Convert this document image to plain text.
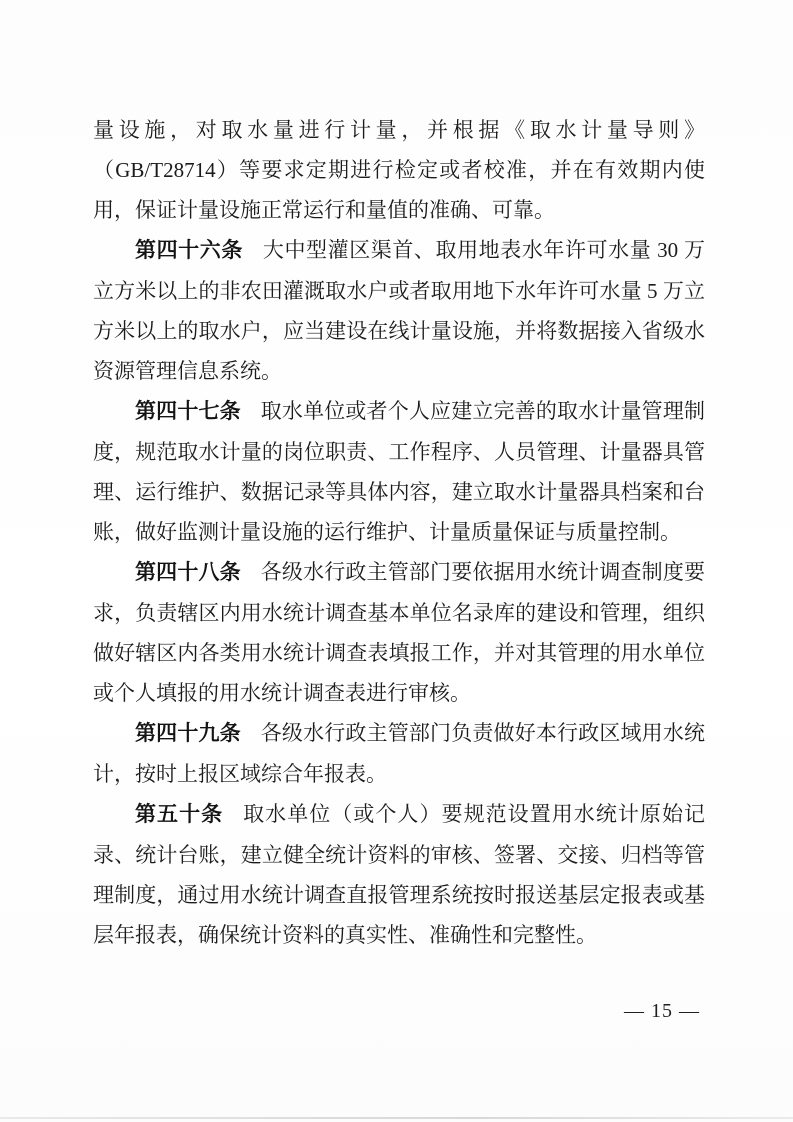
量设施，对取水量进行计量，并根据《取水计量导则》（GB/T28714）等要求定期进行检定或者校准，并在有效期内使用，保证计量设施正常运行和量值的准确、可靠。

第四十六条 大中型灌区渠首、取用地表水年许可水量 30 万立方米以上的非农田灌溉取水户或者取用地下水年许可水量 5 万立方米以上的取水户，应当建设在线计量设施，并将数据接入省级水资源管理信息系统。

第四十七条 取水单位或者个人应建立完善的取水计量管理制度，规范取水计量的岗位职责、工作程序、人员管理、计量器具管理、运行维护、数据记录等具体内容，建立取水计量器具档案和台账，做好监测计量设施的运行维护、计量质量保证与质量控制。

第四十八条 各级水行政主管部门要依据用水统计调查制度要求，负责辖区内用水统计调查基本单位名录库的建设和管理，组织做好辖区内各类用水统计调查表填报工作，并对其管理的用水单位或个人填报的用水统计调查表进行审核。

第四十九条 各级水行政主管部门负责做好本行政区域用水统计，按时上报区域综合年报表。

第五十条 取水单位（或个人）要规范设置用水统计原始记录、统计台账，建立健全统计资料的审核、签署、交接、归档等管理制度，通过用水统计调查直报管理系统按时报送基层定报表或基层年报表，确保统计资料的真实性、准确性和完整性。

— 15 —
